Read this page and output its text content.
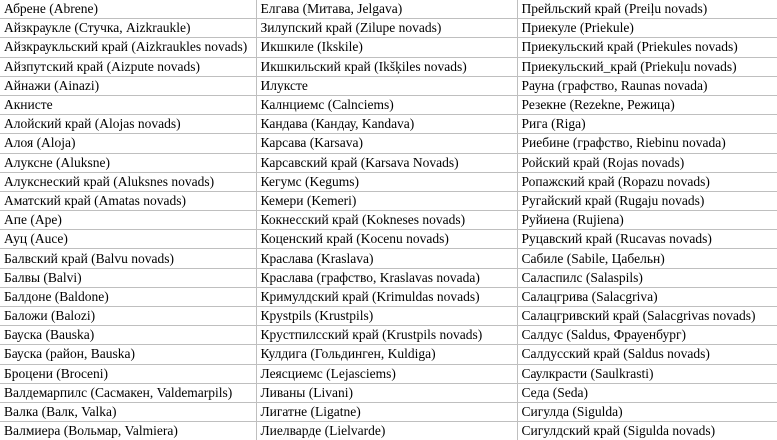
Абрене (Abrene)	Елгава (Митава, Jelgava)	Прейльский край (Preiļu novads)
Айзкраукле (Стучка, Aizkraukle)	Зилупский край (Zilupe novads)	Приекуле (Priekule)
Айзкраукльский край (Aizkraukles novads)	Икшкиле (Ikskile)	Приекульский край (Priekules novads)
Айзпутский край (Aizpute novads)	Икшкильский край (Ikšķiles novads)	Приекульский_край (Priekuļu novads)
Айнажи (Ainazi)	Илуксте	Рауна (графство, Raunas novada)
Акнисте	Калнциемс (Calnciems)	Резекне (Rezekne, Режица)
Алойский край (Alojas novads)	Кандава (Кандау, Kandava)	Рига (Riga)
Алоя (Aloja)	Карсава (Karsava)	Риебине (графство, Riebinu novada)
Алуксне (Aluksne)	Карсавский край (Karsava Novads)	Ройский край (Rojas novads)
Алукснеский край (Aluksnes novads)	Кегумс (Kegums)	Ропажский край (Ropazu novads)
Аматский край (Amatas novads)	Кемери (Kemeri)	Ругайский край (Rugaju novads)
Апе (Ape)	Кокнесский край (Kokneses novads)	Руйиена (Rujiena)
Ауц (Auce)	Коценский край (Kocenu novads)	Руцавский край (Rucavas novads)
Балвский край (Balvu novads)	Краслава (Kraslava)	Сабиле (Sabile, Цабельн)
Балвы (Balvi)	Краслава (графство, Kraslavas novada)	Саласпилс (Salaspils)
Балдоне (Baldone)	Кримулдский край (Krimuldas novads)	Салацгрива (Salacgriva)
Баложи (Balozi)	Круstpils (Krustpils)	Салацгривский край (Salacgrivas novads)
Бауска (Bauska)	Крустпилсский край (Krustpils novads)	Салдус (Saldus, Фрауенбург)
Бауска (район, Bauska)	Кулдига (Гольдинген, Kuldiga)	Салдусский край (Saldus novads)
Броцени (Broceni)	Леясциемс (Lejasciems)	Саулкрасти (Saulkrasti)
Валдемарпилс (Сасмакен, Valdemarpils)	Ливаны (Livani)	Седа (Seda)
Валка (Валк, Valka)	Лигатне (Ligatne)	Сигулда (Sigulda)
Валмиера (Вольмар, Valmiera)	Лиелварде (Lielvarde)	Сигулдский край (Sigulda novads)
